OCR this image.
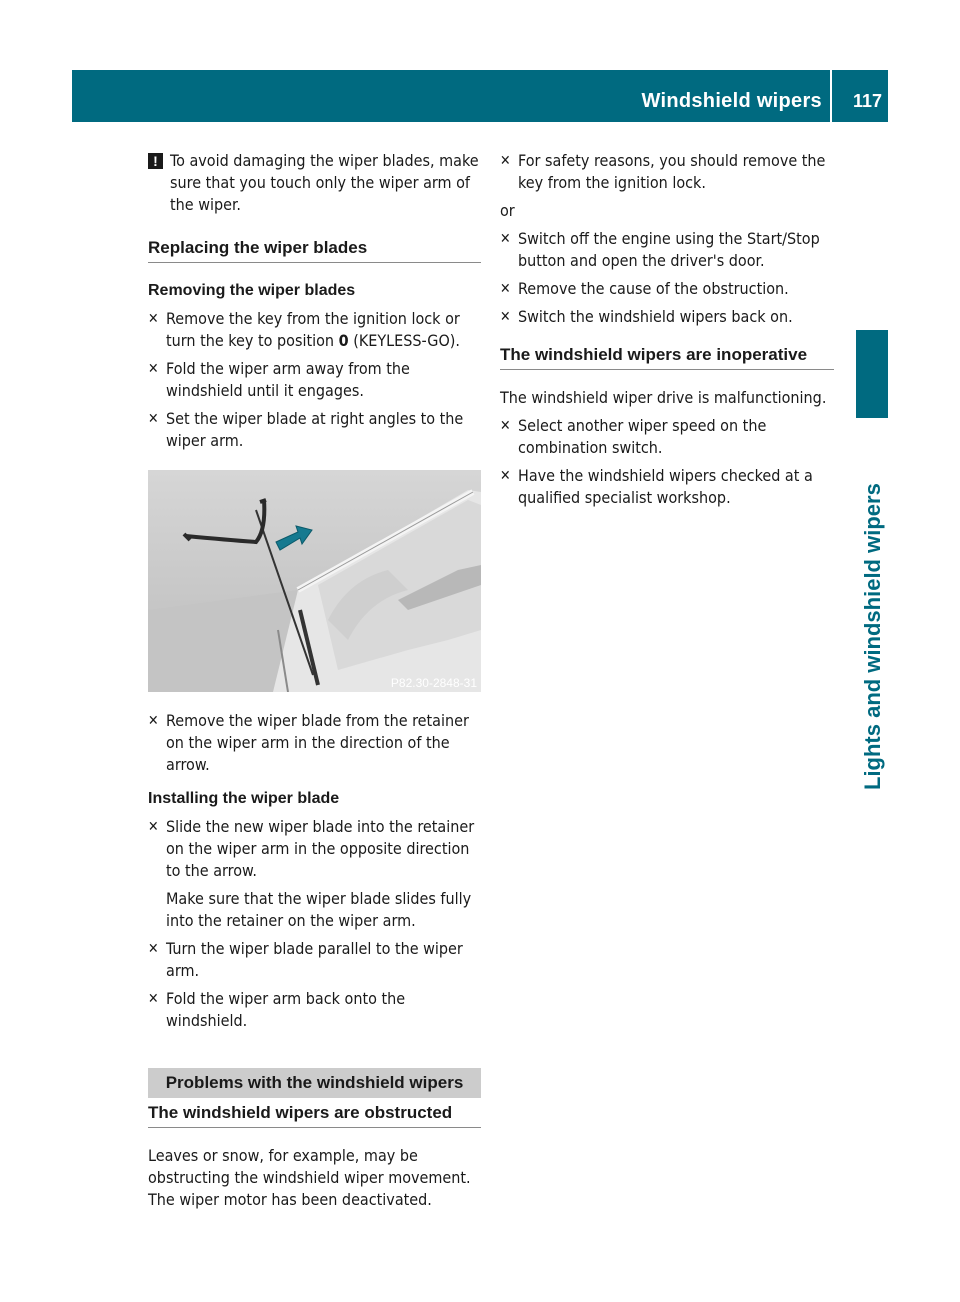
Windshield wipers 117
Lights and windshield wipers
! To avoid damaging the wiper blades, make sure that you touch only the wiper arm of the wiper.

Replacing the wiper blades
Removing the wiper blades
✕ Remove the key from the ignition lock or turn the key to position 0 (KEYLESS-GO).
✕ Fold the wiper arm away from the windshield until it engages.
✕ Set the wiper blade at right angles to the wiper arm.
P82.30-2848-31
✕ Remove the wiper blade from the retainer on the wiper arm in the direction of the arrow.
Installing the wiper blade
✕ Slide the new wiper blade into the retainer on the wiper arm in the opposite direction to the arrow.

Make sure that the wiper blade slides fully into the retainer on the wiper arm.

✕ Turn the wiper blade parallel to the wiper arm.
✕ Fold the wiper arm back onto the windshield.
Problems with the windshield wipers
The windshield wipers are obstructed

Leaves or snow, for example, may be obstructing the windshield wiper movement. The wiper motor has been deactivated.

✕ For safety reasons, you should remove the key from the ignition lock.

or

✕ Switch off the engine using the Start/Stop button and open the driver's door.
✕ Remove the cause of the obstruction.
✕ Switch the windshield wipers back on.
The windshield wipers are inoperative

The windshield wiper drive is malfunctioning.

✕ Select another wiper speed on the combination switch.
✕ Have the windshield wipers checked at a qualified specialist workshop.
